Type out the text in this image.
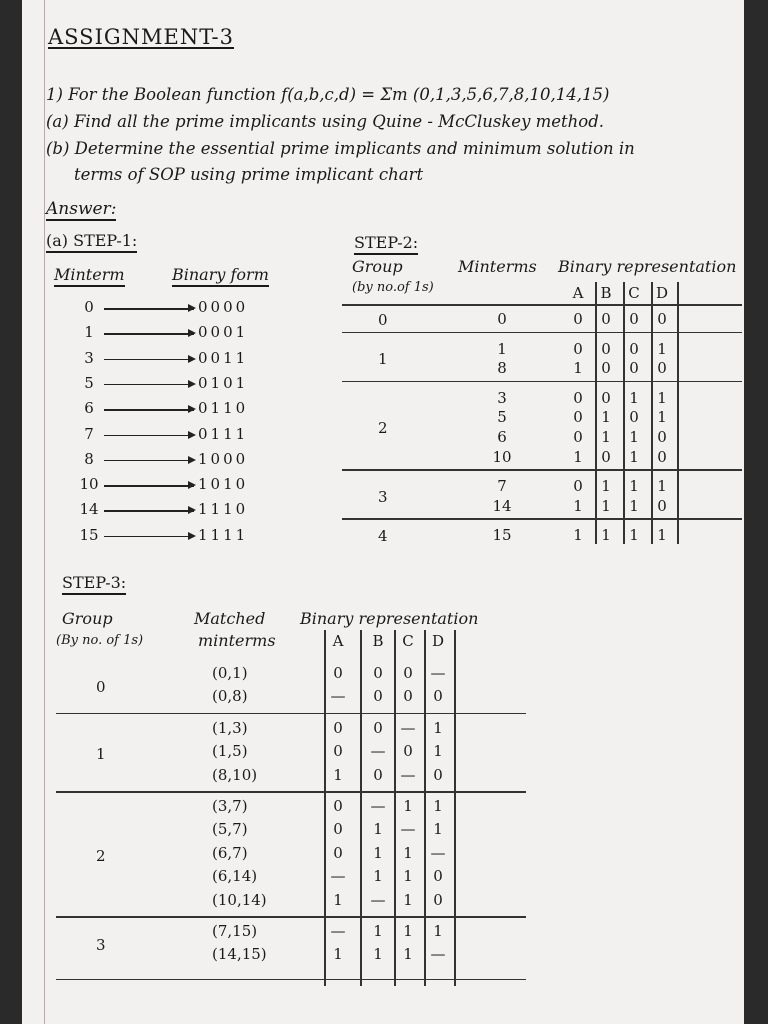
ASSIGNMENT-3
1) For the Boolean function f(a,b,c,d) = Σm (0,1,3,5,6,7,8,10,14,15)
(a) Find all the prime implicants using Quine - McCluskey method.
(b) Determine the essential prime implicants and minimum solution in
terms of SOP using prime implicant chart
Answer:
(a) STEP-1:
Minterm	Binary form
0	0000
1	0001
3	0011
5	0101
6	0110
7	0111
8	1000
10	1010
14	1110
15	1111
STEP-2:
Group
(by no.of 1s)
Minterms Binary representation
A B C D
0	0	0 0 0 0
1
1	0 0 0 1
8	1 0 0 0
2
3	0 0 1 1
5	0 1 0 1
6	0 1 1 0
10	1 0 1 0
3
7	0 1 1 1
14	1 1 1 0
4	15	1 1 1 1
STEP-3:
Group
(By no. of 1s)
Matched
minterms
Binary representation
A B C D
0
(0,1)	0 0 0 —
(0,8)	— 0 0 0
1
(1,3)	0 0 — 1
(1,5)	0 — 0 1
(8,10)	1 0 — 0
2
(3,7)	0 — 1 1
(5,7)	0 1 — 1
(6,7)	0 1 1 —
(6,14)	— 1 1 0
(10,14)	1 — 1 0
3
(7,15)	— 1 1 1
(14,15)	1 1 1 —
